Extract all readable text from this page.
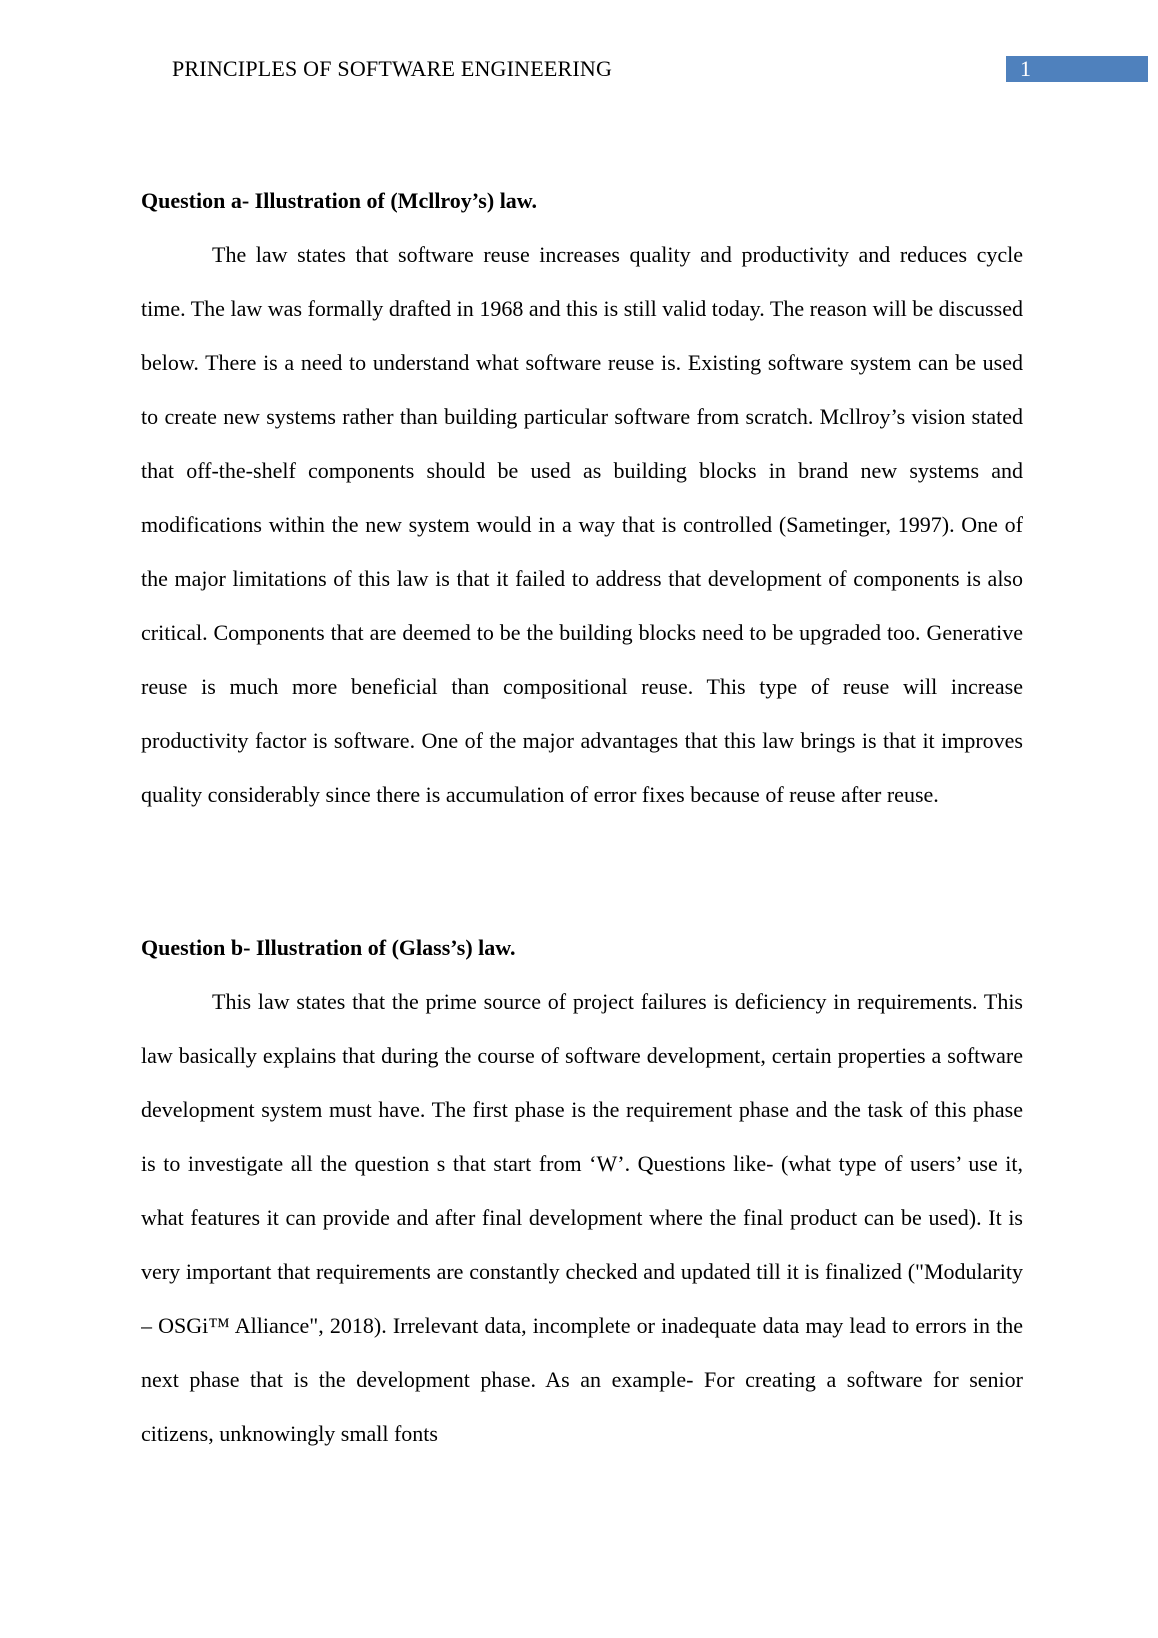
PRINCIPLES OF SOFTWARE ENGINEERING	1
Question a- Illustration of (Mcllroy’s) law.

The law states that software reuse increases quality and productivity and reduces cycle time. The law was formally drafted in 1968 and this is still valid today. The reason will be discussed below. There is a need to understand what software reuse is. Existing software system can be used to create new systems rather than building particular software from scratch. Mcllroy’s vision stated that off-the-shelf components should be used as building blocks in brand new systems and modifications within the new system would in a way that is controlled (Sametinger, 1997). One of the major limitations of this law is that it failed to address that development of components is also critical. Components that are deemed to be the building blocks need to be upgraded too. Generative reuse is much more beneficial than compositional reuse. This type of reuse will increase productivity factor is software. One of the major advantages that this law brings is that it improves quality considerably since there is accumulation of error fixes because of reuse after reuse.

Question b- Illustration of (Glass’s) law.

This law states that the prime source of project failures is deficiency in requirements. This law basically explains that during the course of software development, certain properties a software development system must have. The first phase is the requirement phase and the task of this phase is to investigate all the question s that start from ‘W’. Questions like- (what type of users’ use it, what features it can provide and after final development where the final product can be used). It is very important that requirements are constantly checked and updated till it is finalized ("Modularity – OSGi™ Alliance", 2018). Irrelevant data, incomplete or inadequate data may lead to errors in the next phase that is the development phase. As an example- For creating a software for senior citizens, unknowingly small fonts
